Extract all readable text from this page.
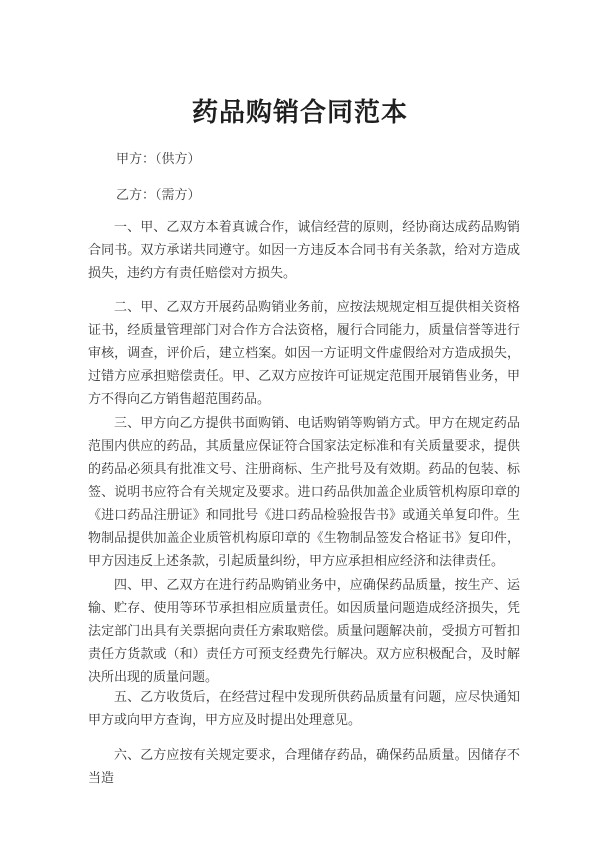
药品购销合同范本

甲方：（供方）

乙方：（需方）

一、甲、乙双方本着真诚合作，诚信经营的原则，经协商达成药品购销合同书。双方承诺共同遵守。如因一方违反本合同书有关条款，给对方造成损失，违约方有责任赔偿对方损失。

二、甲、乙双方开展药品购销业务前，应按法规规定相互提供相关资格证书，经质量管理部门对合作方合法资格，履行合同能力，质量信誉等进行审核，调查，评价后，建立档案。如因一方证明文件虚假给对方造成损失，过错方应承担赔偿责任。甲、乙双方应按许可证规定范围开展销售业务，甲方不得向乙方销售超范围药品。

三、甲方向乙方提供书面购销、电话购销等购销方式。甲方在规定药品范围内供应的药品，其质量应保证符合国家法定标准和有关质量要求，提供的药品必须具有批准文号、注册商标、生产批号及有效期。药品的包装、标签、说明书应符合有关规定及要求。进口药品供加盖企业质管机构原印章的《进口药品注册证》和同批号《进口药品检验报告书》或通关单复印件。生物制品提供加盖企业质管机构原印章的《生物制品签发合格证书》复印件，甲方因违反上述条款，引起质量纠纷，甲方应承担相应经济和法律责任。

四、甲、乙双方在进行药品购销业务中，应确保药品质量，按生产、运输、贮存、使用等环节承担相应质量责任。如因质量问题造成经济损失，凭法定部门出具有关票据向责任方索取赔偿。质量问题解决前，受损方可暂扣责任方货款或（和）责任方可预支经费先行解决。双方应积极配合，及时解决所出现的质量问题。

五、乙方收货后，在经营过程中发现所供药品质量有问题，应尽快通知甲方或向甲方查询，甲方应及时提出处理意见。

六、乙方应按有关规定要求，合理储存药品，确保药品质量。因储存不当造
